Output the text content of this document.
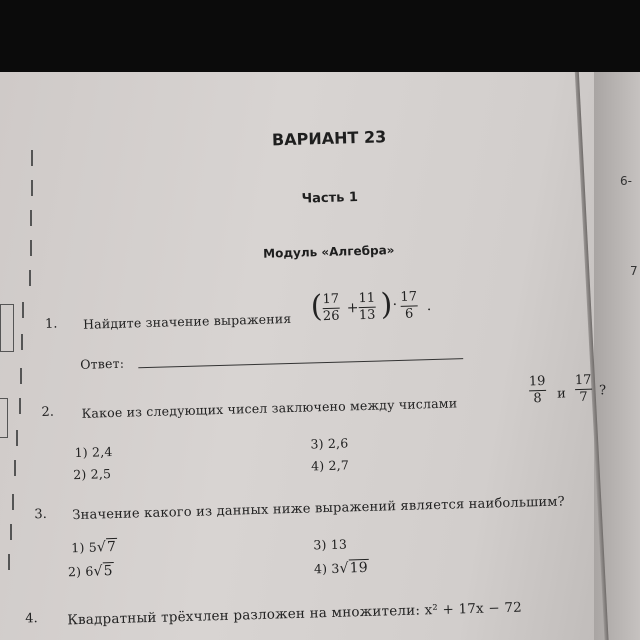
6-
7
ВАРИАНТ 23
Часть 1
Модуль «Алгебра»
1. Найдите значение выражения ( 17
26 +
11
13 ) · 17
6 .
Ответ:
2. Какое из следующих чисел заключено между числами
19
8 и
17
7 ?
1) 2,4
3) 2,6
2) 2,5
4) 2,7
3. Значение какого из данных ниже выражений является наибольшим?
1) 5√7
2) 6√5
3) 13
4) 3√19
4. Квадратный трёхчлен разложен на множители: x² + 17x − 72
